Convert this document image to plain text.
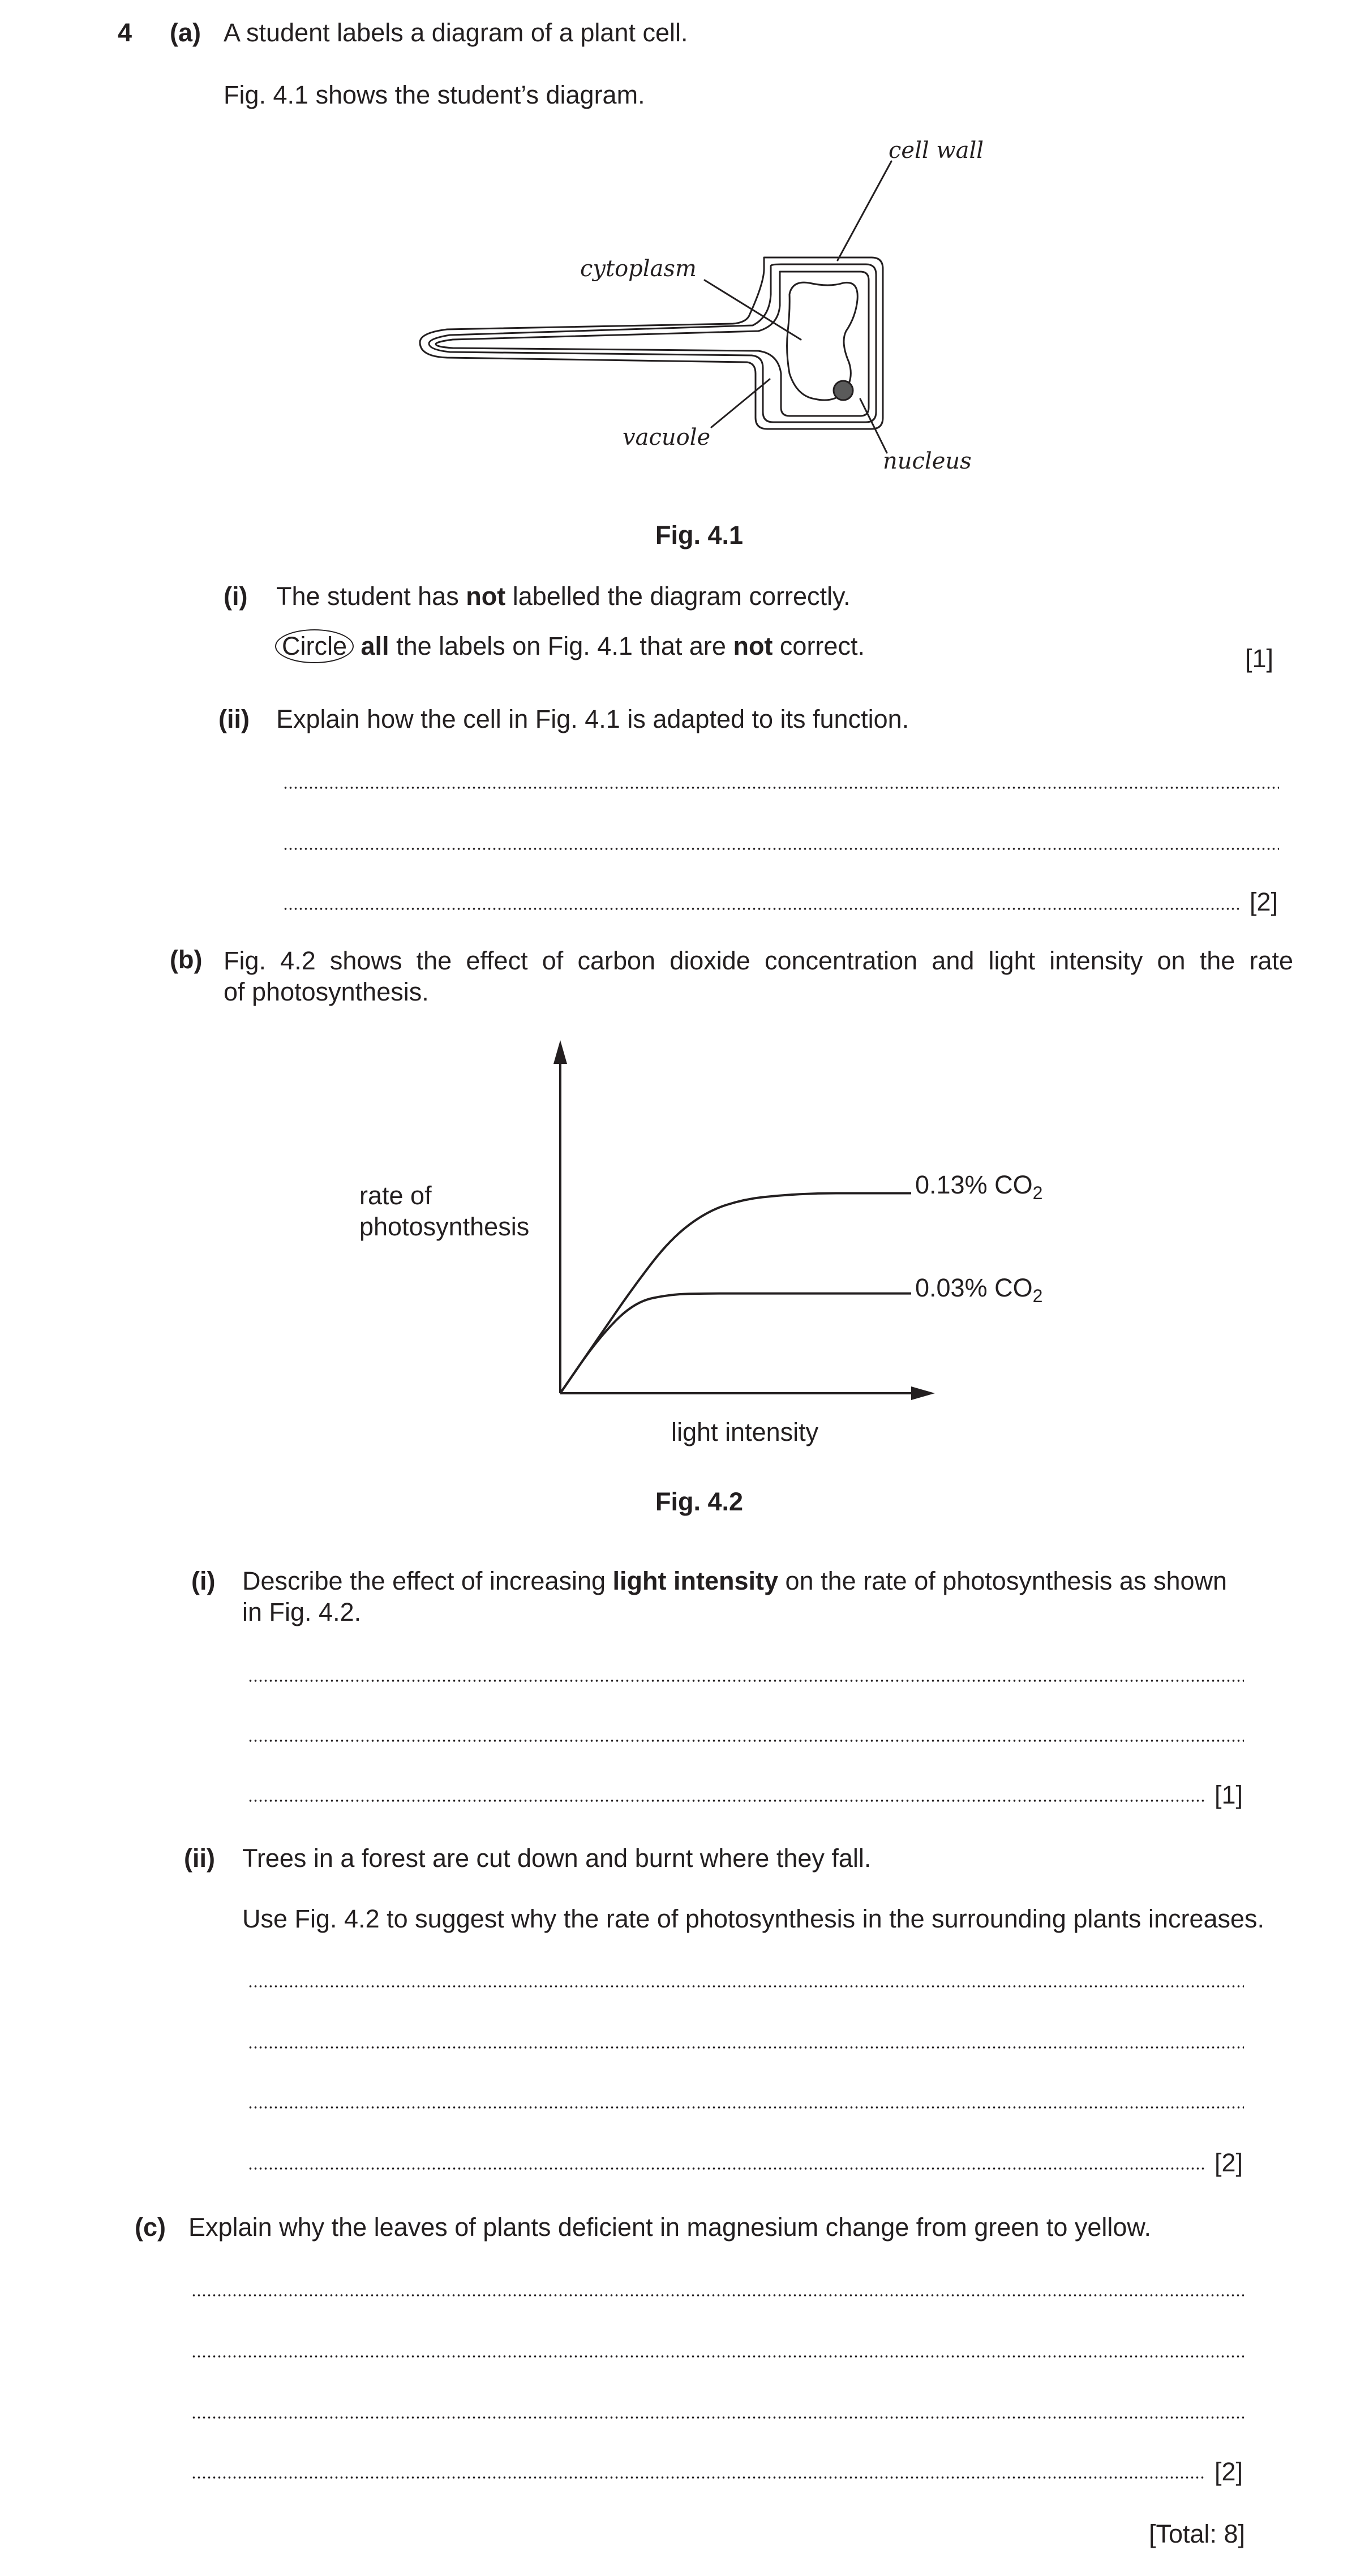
4 (a) A student labels a diagram of a plant cell.
Fig. 4.1 shows the student’s diagram.
cell wall
cytoplasm
vacuole
nucleus
Fig. 4.1
(i) The student has not labelled the diagram correctly.
Circle all the labels on Fig. 4.1 that are not correct.	[1]
(ii) Explain how the cell in Fig. 4.1 is adapted to its function.
[2]
(b) Fig. 4.2 shows the effect of carbon dioxide concentration and light intensity on the rate
of photosynthesis.
rate of
photosynthesis
light intensity
0.13% $CO_2$
0.03% $CO_2$
Fig. 4.2
(i) Describe the effect of increasing light intensity on the rate of photosynthesis as shown
in Fig. 4.2.
[1]
(ii) Trees in a forest are cut down and burnt where they fall.
Use Fig. 4.2 to suggest why the rate of photosynthesis in the surrounding plants increases.
[2]
(c) Explain why the leaves of plants deficient in magnesium change from green to yellow.
[2]
[Total: 8]
